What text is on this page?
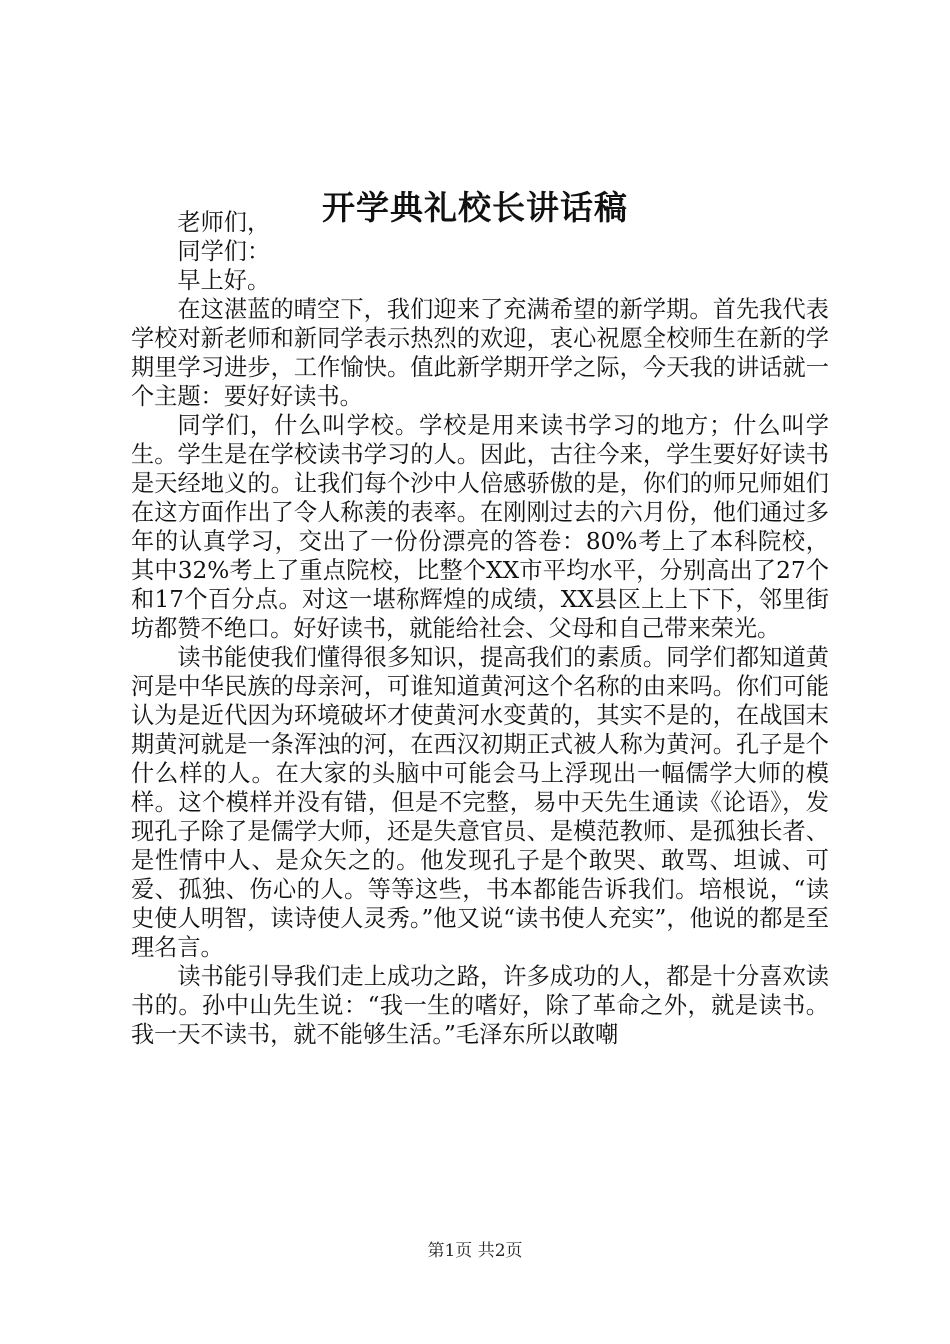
开学典礼校长讲话稿

老师们，

同学们：

早上好。

在这湛蓝的晴空下，我们迎来了充满希望的新学期。首先我代表学校对新老师和新同学表示热烈的欢迎，衷心祝愿全校师生在新的学期里学习进步，工作愉快。值此新学期开学之际，今天我的讲话就一个主题：要好好读书。

同学们，什么叫学校。学校是用来读书学习的地方；什么叫学生。学生是在学校读书学习的人。因此，古往今来，学生要好好读书是天经地义的。让我们每个沙中人倍感骄傲的是，你们的师兄师姐们在这方面作出了令人称羡的表率。在刚刚过去的六月份，他们通过多年的认真学习，交出了一份份漂亮的答卷：80%考上了本科院校，其中32%考上了重点院校，比整个XX市平均水平，分别高出了27个和17个百分点。对这一堪称辉煌的成绩，XX县区上上下下，邻里街坊都赞不绝口。好好读书，就能给社会、父母和自己带来荣光。

读书能使我们懂得很多知识，提高我们的素质。同学们都知道黄河是中华民族的母亲河，可谁知道黄河这个名称的由来吗。你们可能认为是近代因为环境破坏才使黄河水变黄的，其实不是的，在战国末期黄河就是一条浑浊的河，在西汉初期正式被人称为黄河。孔子是个什么样的人。在大家的头脑中可能会马上浮现出一幅儒学大师的模样。这个模样并没有错，但是不完整，易中天先生通读《论语》，发现孔子除了是儒学大师，还是失意官员、是模范教师、是孤独长者、是性情中人、是众矢之的。他发现孔子是个敢哭、敢骂、坦诚、可爱、孤独、伤心的人。等等这些，书本都能告诉我们。培根说，“读史使人明智，读诗使人灵秀。”他又说“读书使人充实”，他说的都是至理名言。

读书能引导我们走上成功之路，许多成功的人，都是十分喜欢读书的。孙中山先生说：“我一生的嗜好，除了革命之外，就是读书。我一天不读书，就不能够生活。”毛泽东所以敢嘲

第1页 共2页
